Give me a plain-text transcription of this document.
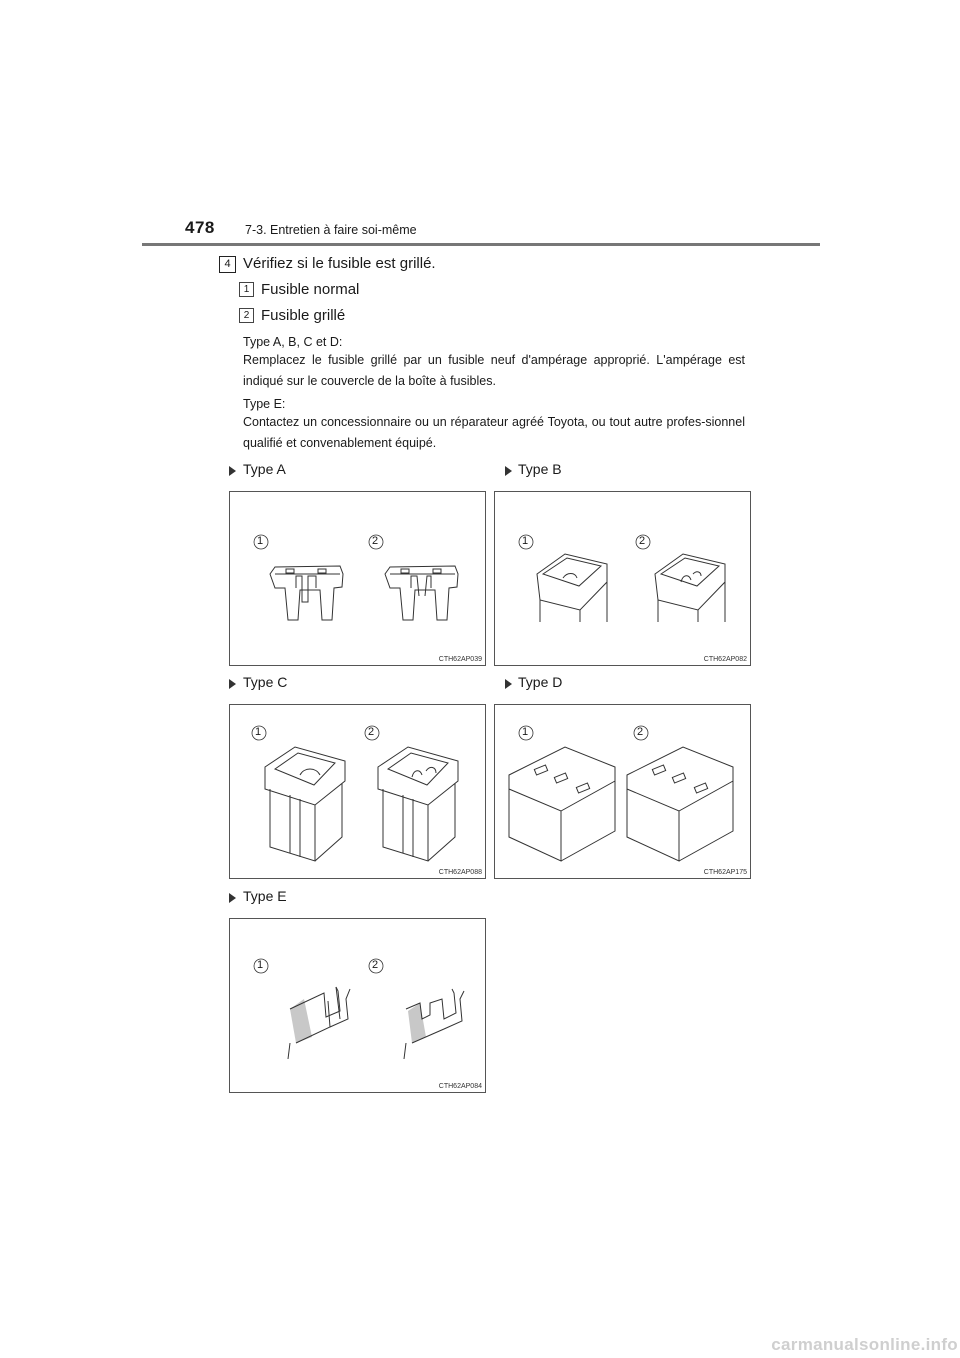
478 7-3. Entretien à faire soi-même
4 Vérifiez si le fusible est grillé.
1 Fusible normal
2 Fusible grillé
Type A, B, C et D:
Remplacez le fusible grillé par un fusible neuf d'ampérage approprié. L'ampérage est indiqué sur le couvercle de la boîte à fusibles.
Type E:
Contactez un concessionnaire ou un réparateur agréé Toyota, ou tout autre profes-sionnel qualifié et convenablement équipé.
Type A	Type B
Type C	Type D
Type E
1	2
CTH62AP039
1	2
CTH62AP082
1	2
CTH62AP088
1	2
CTH62AP175
1	2
CTH62AP084
carmanualsonline.info
